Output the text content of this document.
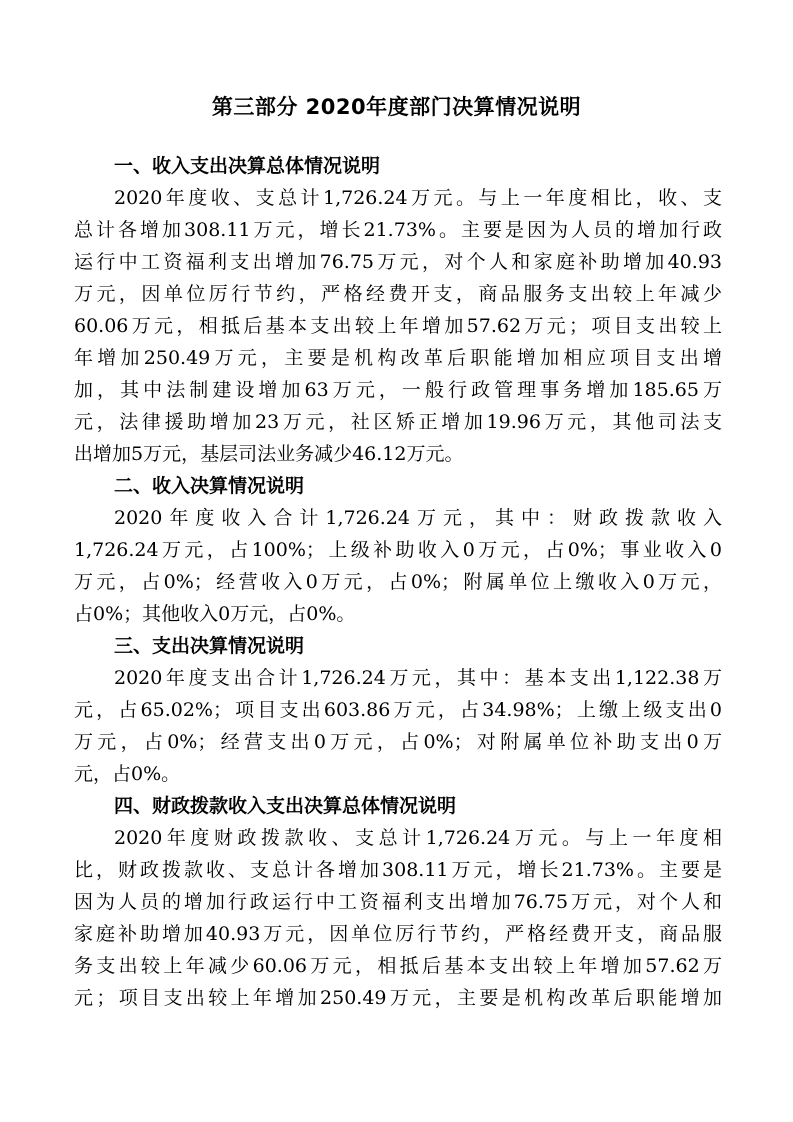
第三部分 2020年度部门决算情况说明
一、收入支出决算总体情况说明
2020年度收、支总计1,726.24万元。与上一年度相比，收、支
总计各增加308.11万元，增长21.73%。主要是因为人员的增加行政
运行中工资福利支出增加76.75万元，对个人和家庭补助增加40.93
万元，因单位厉行节约，严格经费开支，商品服务支出较上年减少
60.06万元，相抵后基本支出较上年增加57.62万元；项目支出较上
年增加250.49万元，主要是机构改革后职能增加相应项目支出增
加，其中法制建设增加63万元，一般行政管理事务增加185.65万
元，法律援助增加23万元，社区矫正增加19.96万元，其他司法支
出增加5万元，基层司法业务减少46.12万元。
二、收入决算情况说明
2020年度收入合计1,726.24万元，其中：财政拨款收入
1,726.24万元，占100%；上级补助收入0万元，占0%；事业收入0
万元，占0%；经营收入0万元，占0%；附属单位上缴收入0万元，
占0%；其他收入0万元，占0%。
三、支出决算情况说明
2020年度支出合计1,726.24万元，其中：基本支出1,122.38万
元，占65.02%；项目支出603.86万元，占34.98%；上缴上级支出0
万元，占0%；经营支出0万元，占0%；对附属单位补助支出0万
元，占0%。
四、财政拨款收入支出决算总体情况说明
2020年度财政拨款收、支总计1,726.24万元。与上一年度相
比，财政拨款收、支总计各增加308.11万元，增长21.73%。主要是
因为人员的增加行政运行中工资福利支出增加76.75万元，对个人和
家庭补助增加40.93万元，因单位厉行节约，严格经费开支，商品服
务支出较上年减少60.06万元，相抵后基本支出较上年增加57.62万
元；项目支出较上年增加250.49万元，主要是机构改革后职能增加
